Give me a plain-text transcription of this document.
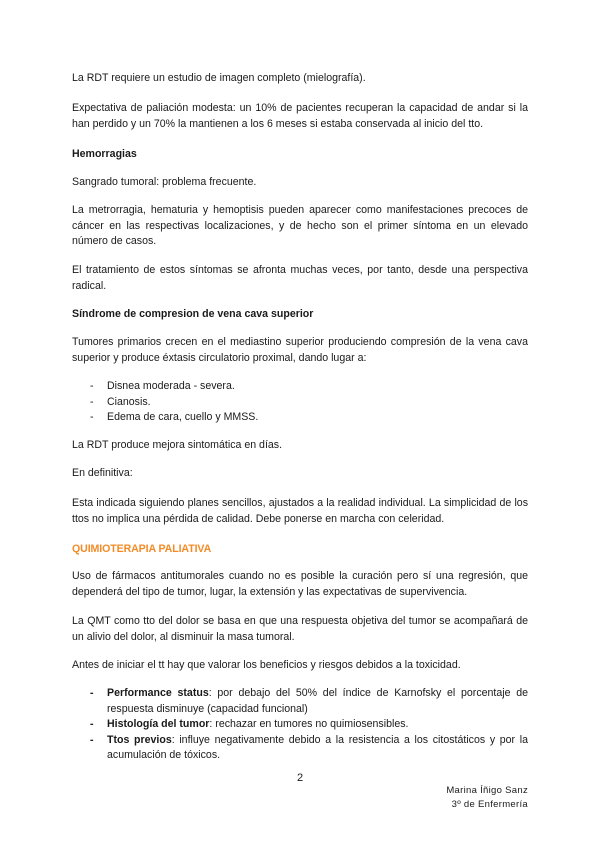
La RDT requiere un estudio de imagen completo (mielografía).

Expectativa de paliación modesta: un 10% de pacientes recuperan la capacidad de andar si la han perdido y un 70% la mantienen a los 6 meses si estaba conservada al inicio del tto.

Hemorragias

Sangrado tumoral: problema frecuente.

La metrorragia, hematuria y hemoptisis pueden aparecer como manifestaciones precoces de cáncer en las respectivas localizaciones, y de hecho son el primer síntoma en un elevado número de casos.

El tratamiento de estos síntomas se afronta muchas veces, por tanto, desde una perspectiva radical.

Síndrome de compresion de vena cava superior

Tumores primarios crecen en el mediastino superior produciendo compresión de la vena cava superior y produce éxtasis circulatorio proximal, dando lugar a:

- Disnea moderada - severa.
- Cianosis.
- Edema de cara, cuello y MMSS.

La RDT produce mejora sintomática en días.

En definitiva:

Esta indicada siguiendo planes sencillos, ajustados a la realidad individual. La simplicidad de los ttos no implica una pérdida de calidad. Debe ponerse en marcha con celeridad.

QUIMIOTERAPIA PALIATIVA

Uso de fármacos antitumorales cuando no es posible la curación pero sí una regresión, que dependerá del tipo de tumor, lugar, la extensión y las expectativas de supervivencia.

La QMT como tto del dolor se basa en que una respuesta objetiva del tumor se acompañará de un alivio del dolor, al disminuir la masa tumoral.

Antes de iniciar el tt hay que valorar los beneficios y riesgos debidos a la toxicidad.

- Performance status: por debajo del 50% del índice de Karnofsky el porcentaje de respuesta disminuye (capacidad funcional)
- Histología del tumor: rechazar en tumores no quimiosensibles.
- Ttos previos: influye negativamente debido a la resistencia a los citostáticos y por la acumulación de tóxicos.
2
Marina Íñigo Sanz
3º de Enfermería
